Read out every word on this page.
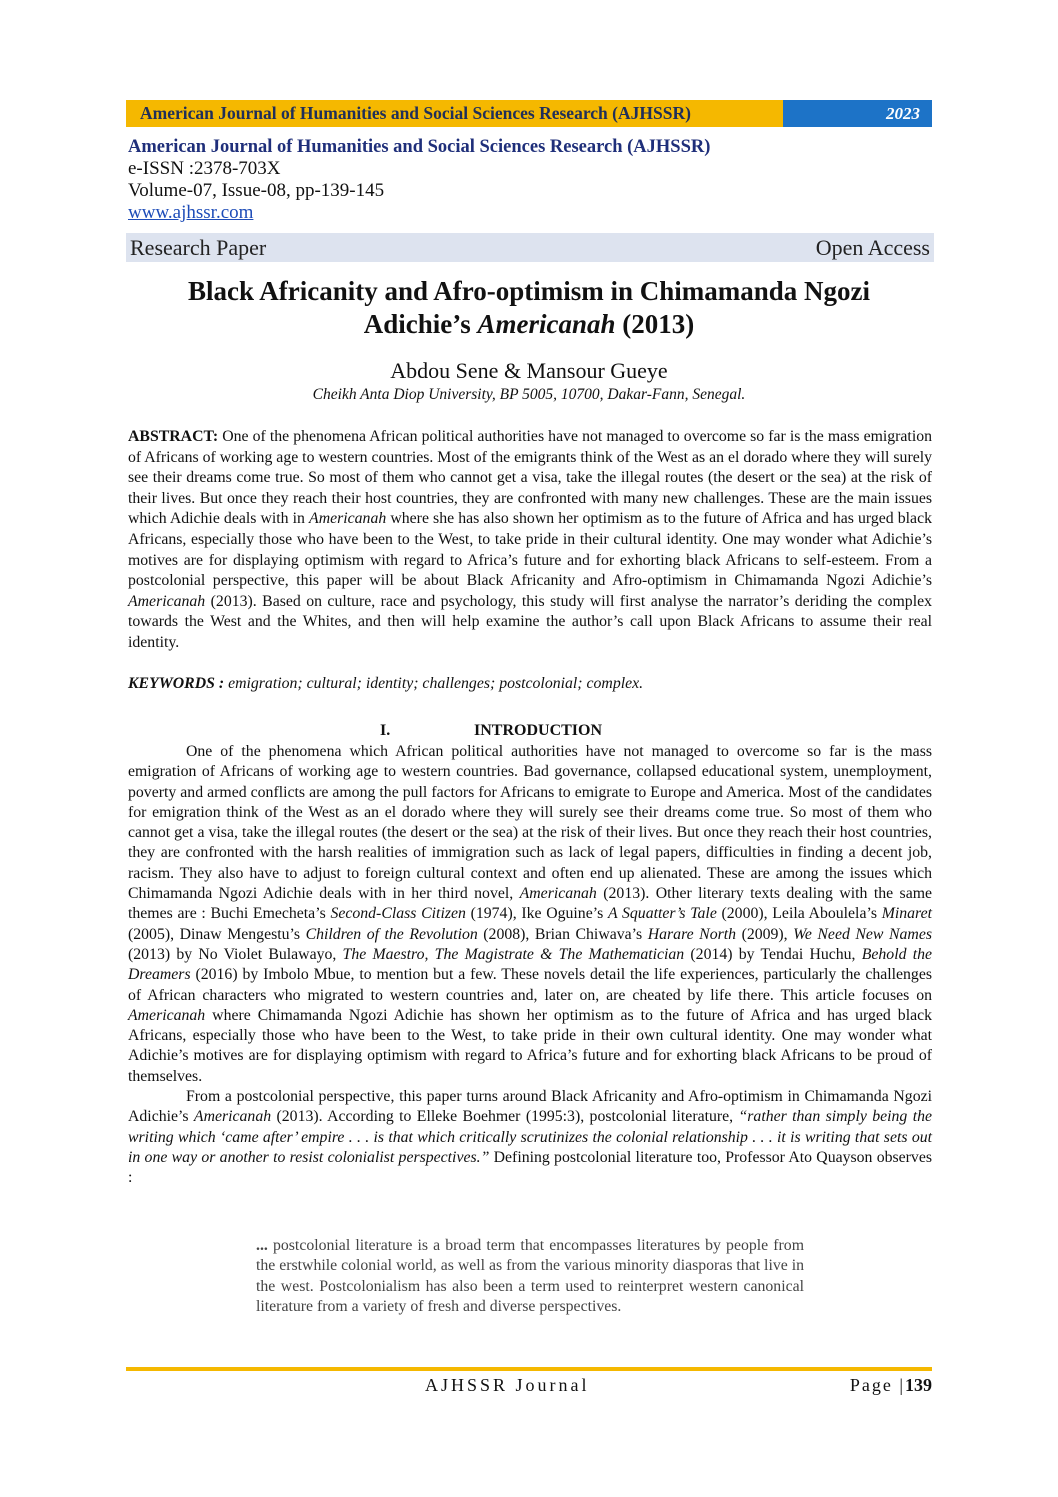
American Journal of Humanities and Social Sciences Research (AJHSSR)	2023
American Journal of Humanities and Social Sciences Research (AJHSSR)
e-ISSN :2378-703X
Volume-07, Issue-08, pp-139-145
www.ajhssr.com
Research Paper	Open Access
Black Africanity and Afro-optimism in Chimamanda Ngozi
Adichie’s Americanah (2013)
Abdou Sene & Mansour Gueye
Cheikh Anta Diop University, BP 5005, 10700, Dakar-Fann, Senegal.
ABSTRACT: One of the phenomena African political authorities have not managed to overcome so far is the mass emigration of Africans of working age to western countries. Most of the emigrants think of the West as an el dorado where they will surely see their dreams come true. So most of them who cannot get a visa, take the illegal routes (the desert or the sea) at the risk of their lives. But once they reach their host countries, they are confronted with many new challenges. These are the main issues which Adichie deals with in Americanah where she has also shown her optimism as to the future of Africa and has urged black Africans, especially those who have been to the West, to take pride in their cultural identity. One may wonder what Adichie’s motives are for displaying optimism with regard to Africa’s future and for exhorting black Africans to self-esteem. From a postcolonial perspective, this paper will be about Black Africanity and Afro-optimism in Chimamanda Ngozi Adichie’s Americanah (2013). Based on culture, race and psychology, this study will first analyse the narrator’s deriding the complex towards the West and the Whites, and then will help examine the author’s call upon Black Africans to assume their real identity.
KEYWORDS : emigration; cultural; identity; challenges; postcolonial; complex.
I.	INTRODUCTION

One of the phenomena which African political authorities have not managed to overcome so far is the mass emigration of Africans of working age to western countries. Bad governance, collapsed educational system, unemployment, poverty and armed conflicts are among the pull factors for Africans to emigrate to Europe and America. Most of the candidates for emigration think of the West as an el dorado where they will surely see their dreams come true. So most of them who cannot get a visa, take the illegal routes (the desert or the sea) at the risk of their lives. But once they reach their host countries, they are confronted with the harsh realities of immigration such as lack of legal papers, difficulties in finding a decent job, racism. They also have to adjust to foreign cultural context and often end up alienated. These are among the issues which Chimamanda Ngozi Adichie deals with in her third novel, Americanah (2013). Other literary texts dealing with the same themes are : Buchi Emecheta’s Second-Class Citizen (1974), Ike Oguine’s A Squatter’s Tale (2000), Leila Aboulela’s Minaret (2005), Dinaw Mengestu’s Children of the Revolution (2008), Brian Chiwava’s Harare North (2009), We Need New Names (2013) by No Violet Bulawayo, The Maestro, The Magistrate & The Mathematician (2014) by Tendai Huchu, Behold the Dreamers (2016) by Imbolo Mbue, to mention but a few. These novels detail the life experiences, particularly the challenges of African characters who migrated to western countries and, later on, are cheated by life there. This article focuses on Americanah where Chimamanda Ngozi Adichie has shown her optimism as to the future of Africa and has urged black Africans, especially those who have been to the West, to take pride in their own cultural identity. One may wonder what Adichie’s motives are for displaying optimism with regard to Africa’s future and for exhorting black Africans to be proud of themselves.

From a postcolonial perspective, this paper turns around Black Africanity and Afro-optimism in Chimamanda Ngozi Adichie’s Americanah (2013). According to Elleke Boehmer (1995:3), postcolonial literature, “rather than simply being the writing which ‘came after’ empire . . . is that which critically scrutinizes the colonial relationship . . . it is writing that sets out in one way or another to resist colonialist perspectives.” Defining postcolonial literature too, Professor Ato Quayson observes :

... postcolonial literature is a broad term that encompasses literatures by people from the erstwhile colonial world, as well as from the various minority diasporas that live in the west. Postcolonialism has also been a term used to reinterpret western canonical literature from a variety of fresh and diverse perspectives.
AJHSSR Journal	Page |139
